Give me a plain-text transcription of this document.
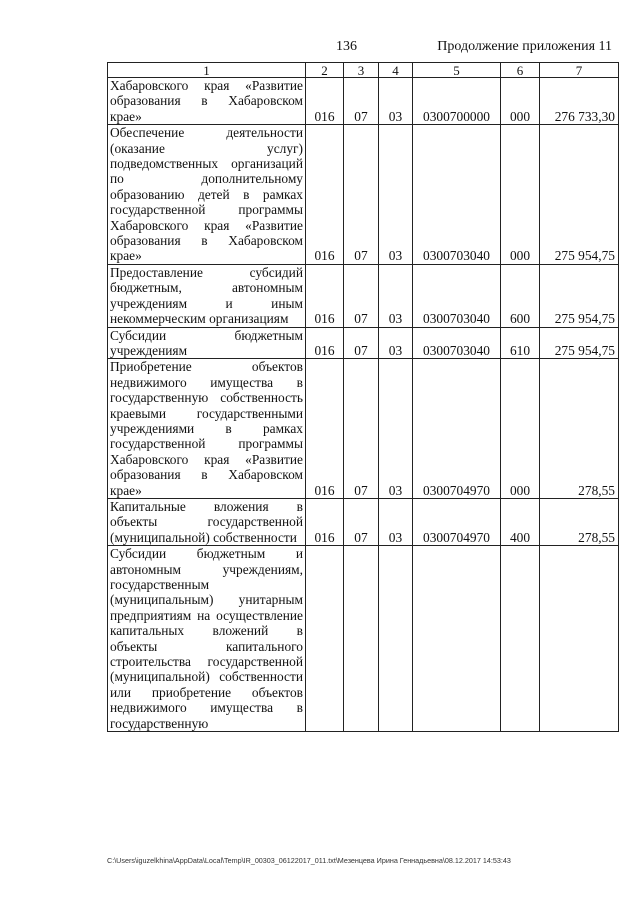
136	Продолжение приложения 11
1	2	3	4	5	6	7

Хабаровского края «Развитие образования в Хабаровском крае»	016	07	03	0300700000	000	276 733,30

Обеспечение деятельности (оказание услуг) подведомственных организаций по дополнительному образованию детей в рамках государственной программы Хабаровского края «Развитие образования в Хабаровском крае»	016	07	03	0300703040	000	275 954,75

Предоставление субсидий бюджетным, автономным учреждениям и иным некоммерческим организациям	016	07	03	0300703040	600	275 954,75

Субсидии бюджетным учреждениям	016	07	03	0300703040	610	275 954,75

Приобретение объектов недвижимого имущества в государственную собственность краевыми государственными учреждениями в рамках государственной программы Хабаровского края «Развитие образования в Хабаровском крае»	016	07	03	0300704970	000	278,55

Капитальные вложения в объекты государственной (муниципальной) собственности	016	07	03	0300704970	400	278,55

Субсидии бюджетным и автономным учреждениям, государственным (муниципальным) унитарным предприятиям на осуществление капитальных вложений в объекты капитального строительства государственной (муниципальной) собственности или приобретение объектов недвижимого имущества в государственную						

C:\Users\iguzelkhina\AppData\Local\Temp\IR_00303_06122017_011.txt\Мезенцева Ирина Геннадьевна\08.12.2017 14:53:43
